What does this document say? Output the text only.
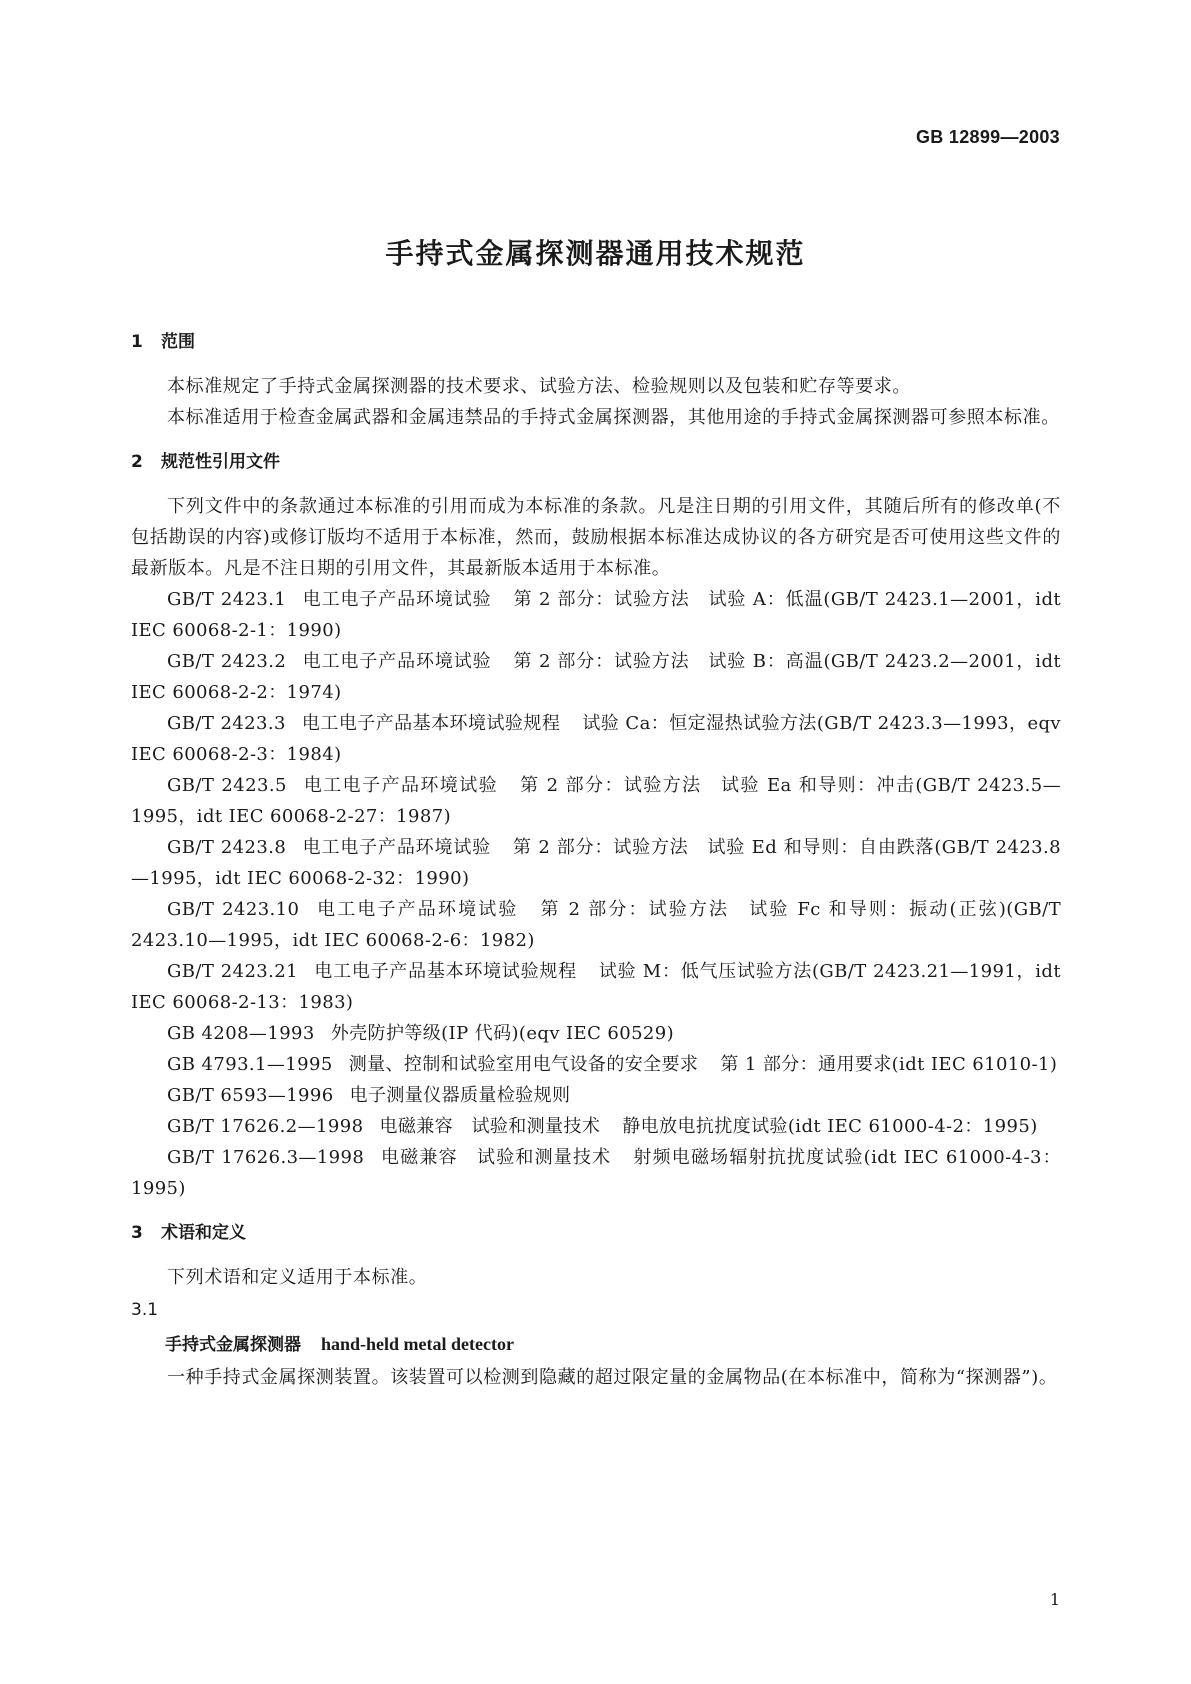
GB 12899—2003
手持式金属探测器通用技术规范
1 范围

本标准规定了手持式金属探测器的技术要求、试验方法、检验规则以及包装和贮存等要求。

本标准适用于检查金属武器和金属违禁品的手持式金属探测器，其他用途的手持式金属探测器可参照本标准。

2 规范性引用文件

下列文件中的条款通过本标准的引用而成为本标准的条款。凡是注日期的引用文件，其随后所有的修改单(不包括勘误的内容)或修订版均不适用于本标准，然而，鼓励根据本标准达成协议的各方研究是否可使用这些文件的最新版本。凡是不注日期的引用文件，其最新版本适用于本标准。

GB/T 2423.1 电工电子产品环境试验 第 2 部分：试验方法　试验 A：低温(GB/T 2423.1—2001，idt IEC 60068-2-1：1990)

GB/T 2423.2 电工电子产品环境试验 第 2 部分：试验方法　试验 B：高温(GB/T 2423.2—2001，idt IEC 60068-2-2：1974)

GB/T 2423.3 电工电子产品基本环境试验规程 试验 Ca：恒定湿热试验方法(GB/T 2423.3—1993，eqv IEC 60068-2-3：1984)

GB/T 2423.5 电工电子产品环境试验 第 2 部分：试验方法　试验 Ea 和导则：冲击(GB/T 2423.5—1995，idt IEC 60068-2-27：1987)

GB/T 2423.8 电工电子产品环境试验 第 2 部分：试验方法　试验 Ed 和导则：自由跌落(GB/T 2423.8—1995，idt IEC 60068-2-32：1990)

GB/T 2423.10 电工电子产品环境试验 第 2 部分：试验方法　试验 Fc 和导则：振动(正弦)(GB/T 2423.10—1995，idt IEC 60068-2-6：1982)

GB/T 2423.21 电工电子产品基本环境试验规程 试验 M：低气压试验方法(GB/T 2423.21—1991，idt IEC 60068-2-13：1983)

GB 4208—1993 外壳防护等级(IP 代码)(eqv IEC 60529)

GB 4793.1—1995 测量、控制和试验室用电气设备的安全要求 第 1 部分：通用要求(idt IEC 61010-1)

GB/T 6593—1996 电子测量仪器质量检验规则

GB/T 17626.2—1998 电磁兼容　试验和测量技术 静电放电抗扰度试验(idt IEC 61000-4-2：1995)

GB/T 17626.3—1998 电磁兼容　试验和测量技术 射频电磁场辐射抗扰度试验(idt IEC 61000-4-3：1995)

3 术语和定义

下列术语和定义适用于本标准。

3.1

手持式金属探测器 hand-held metal detector

一种手持式金属探测装置。该装置可以检测到隐藏的超过限定量的金属物品(在本标准中，简称为“探测器”)。

1
